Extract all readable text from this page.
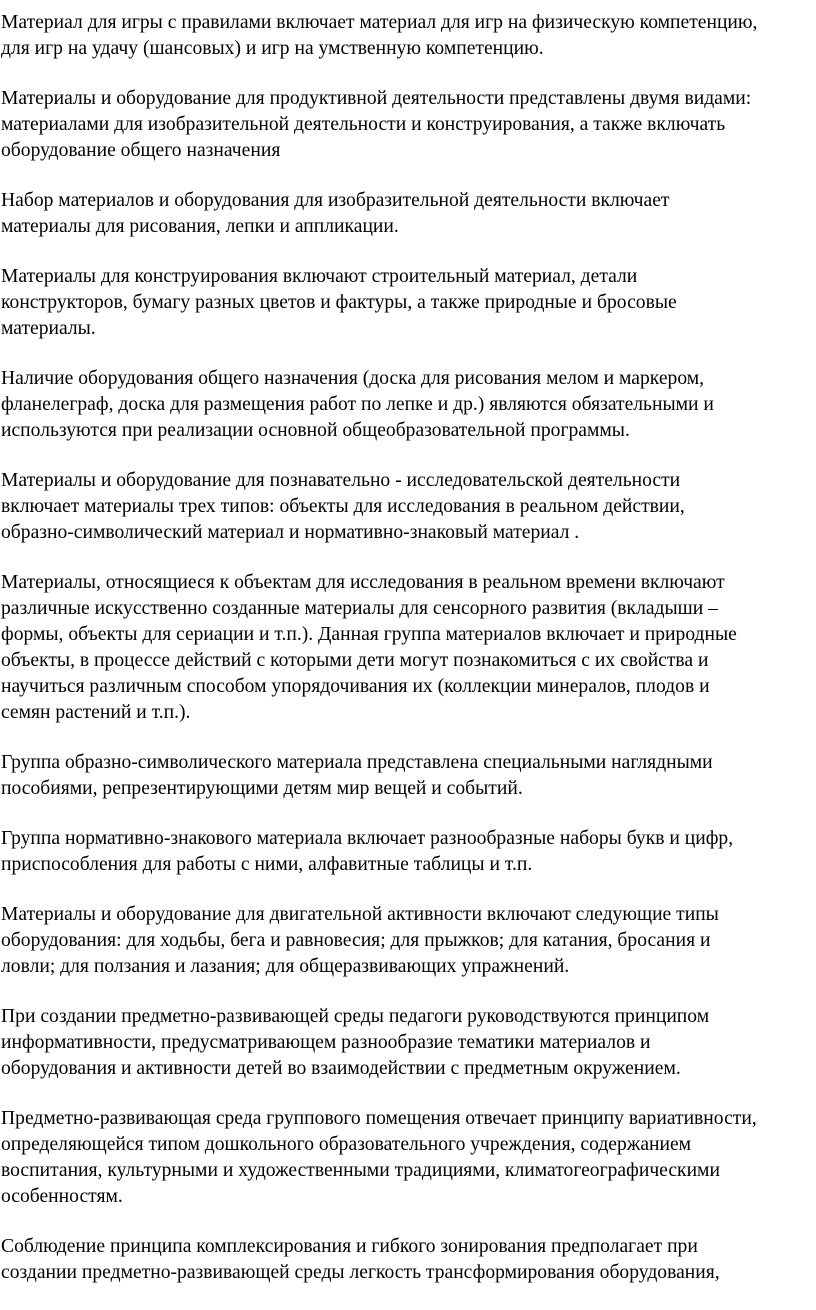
Материал для игры с правилами включает материал для игр на физическую компетенцию,
для игр на удачу (шансовых) и игр на умственную компетенцию.

Материалы и оборудование для продуктивной деятельности представлены двумя видами:
материалами для изобразительной деятельности и конструирования, а также включать
оборудование общего назначения

Набор материалов и оборудования для изобразительной деятельности включает
материалы для рисования, лепки и аппликации.

Материалы для конструирования включают строительный материал, детали
конструкторов, бумагу разных цветов и фактуры, а также природные и бросовые
материалы.

Наличие оборудования общего назначения (доска для рисования мелом и маркером,
фланелеграф, доска для размещения работ по лепке и др.) являются обязательными и
используются при реализации основной общеобразовательной программы.

Материалы и оборудование для познавательно - исследовательской деятельности
включает материалы трех типов: объекты для исследования в реальном действии,
образно-символический материал и нормативно-знаковый материал .

Материалы, относящиеся к объектам для исследования в реальном времени включают
различные искусственно созданные материалы для сенсорного развития (вкладыши –
формы, объекты для сериации и т.п.). Данная группа материалов включает и природные
объекты, в процессе действий с которыми дети могут познакомиться с их свойства и
научиться различным способом упорядочивания их (коллекции минералов, плодов и
семян растений и т.п.).

Группа образно-символического материала представлена специальными наглядными
пособиями, репрезентирующими детям мир вещей и событий.

Группа нормативно-знакового материала включает разнообразные наборы букв и цифр,
приспособления для работы с ними, алфавитные таблицы и т.п.

Материалы и оборудование для двигательной активности включают следующие типы
оборудования: для ходьбы, бега и равновесия; для прыжков; для катания, бросания и
ловли; для ползания и лазания; для общеразвивающих упражнений.

При создании предметно-развивающей среды педагоги руководствуются принципом
информативности, предусматривающем разнообразие тематики материалов и
оборудования и активности детей во взаимодействии с предметным окружением.

Предметно-развивающая среда группового помещения отвечает принципу вариативности,
определяющейся типом дошкольного образовательного учреждения, содержанием
воспитания, культурными и художественными традициями, климатогеографическими
особенностям.

Соблюдение принципа комплексирования и гибкого зонирования предполагает при
создании предметно-развивающей среды легкость трансформирования оборудования,
